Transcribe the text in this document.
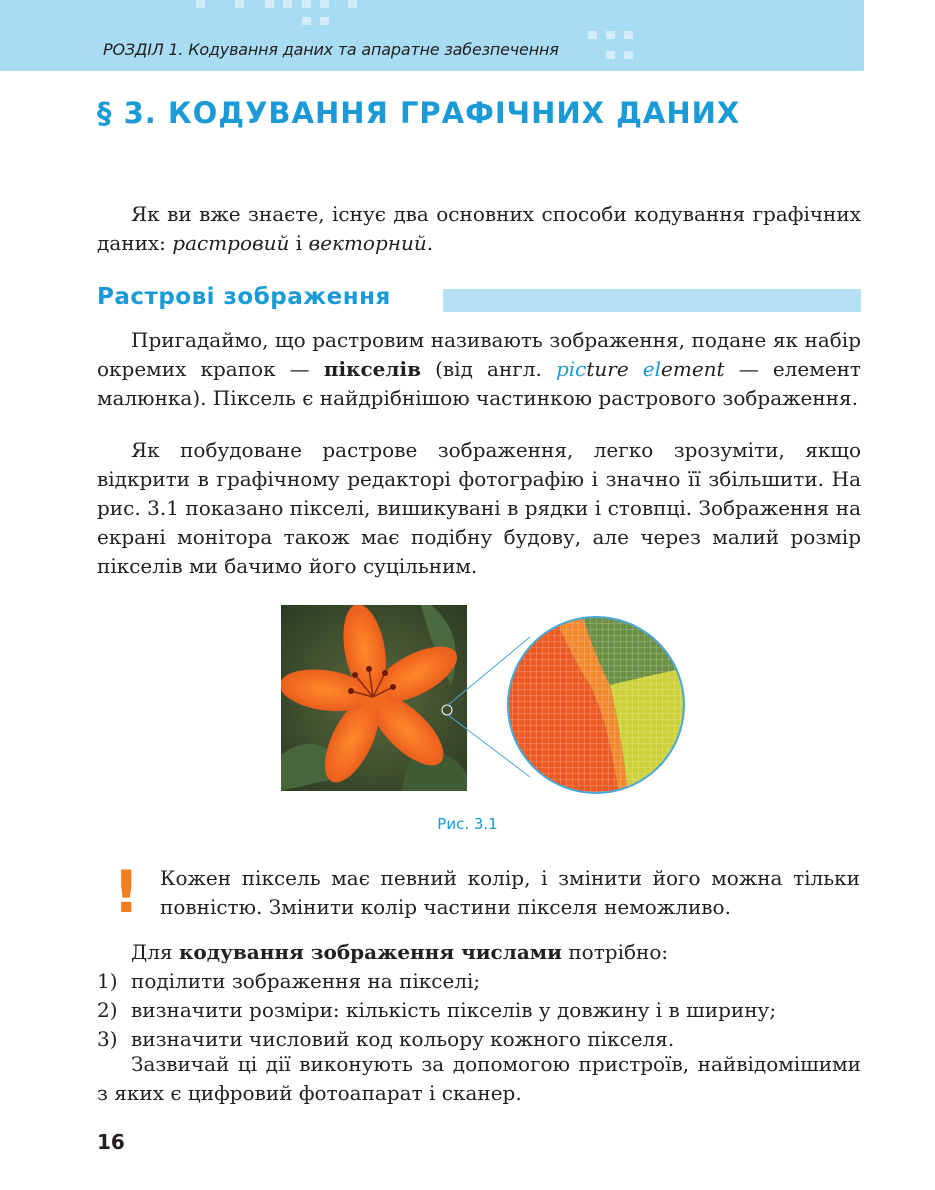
РОЗДІЛ 1. Кодування даних та апаратне забезпечення
§ 3. КОДУВАННЯ ГРАФІЧНИХ ДАНИХ

Як ви вже знаєте, існує два основних способи кодування графічних даних: растровий і векторний.

Растрові зображення

Пригадаймо, що растровим називають зображення, подане як набір окремих крапок — пікселів (від англ. picture element — елемент малюнка). Піксель є найдрібнішою частинкою растрового зображення.

Як побудоване растрове зображення, легко зрозуміти, якщо відкрити в графічному редакторі фотографію і значно її збільшити. На рис. 3.1 показано пікселі, вишикувані в рядки і стовпці. Зображення на екрані монітора також має подібну будову, але через малий розмір пікселів ми бачимо його суцільним.

Рис. 3.1
! Кожен піксель має певний колір, і змінити його можна тільки повністю. Змінити колір частини пікселя неможливо.

Для кодування зображення числами потрібно:

1) поділити зображення на пікселі;
2) визначити розміри: кількість пікселів у довжину і в ширину;
3) визначити числовий код кольору кожного пікселя.

Зазвичай ці дії виконують за допомогою пристроїв, найвідомішими з яких є цифровий фотоапарат і сканер.

16
